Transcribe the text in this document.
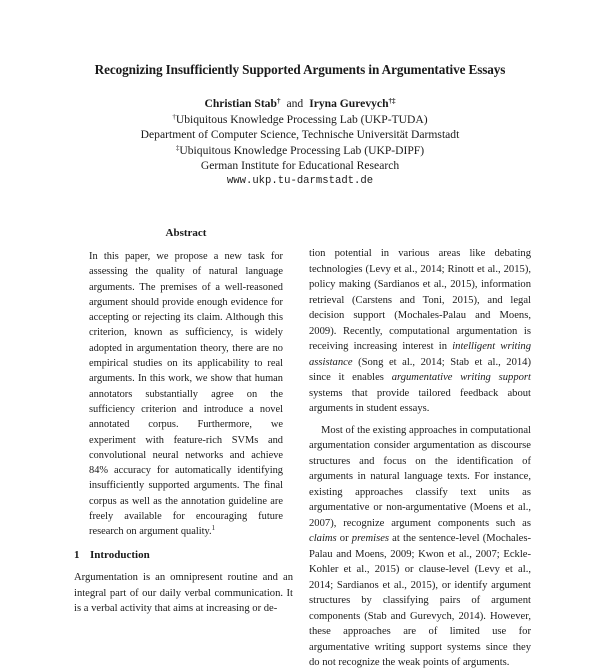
Recognizing Insufficiently Supported Arguments in Argumentative Essays
Christian Stab† and Iryna Gurevych†‡
†Ubiquitous Knowledge Processing Lab (UKP-TUDA)
Department of Computer Science, Technische Universität Darmstadt
‡Ubiquitous Knowledge Processing Lab (UKP-DIPF)
German Institute for Educational Research
www.ukp.tu-darmstadt.de
Abstract
In this paper, we propose a new task for assessing the quality of natural language arguments. The premises of a well-reasoned argument should provide enough evidence for accepting or rejecting its claim. Although this criterion, known as sufficiency, is widely adopted in argumentation theory, there are no empirical studies on its applicability to real arguments. In this work, we show that human annotators substantially agree on the sufficiency criterion and introduce a novel annotated corpus. Furthermore, we experiment with feature-rich SVMs and convolutional neural networks and achieve 84% accuracy for automatically identifying insufficiently supported arguments. The final corpus as well as the annotation guideline are freely available for encouraging future research on argument quality.$^1$
1 Introduction
Argumentation is an omnipresent routine and an integral part of our daily verbal communication. It is a verbal activity that aims at increasing or de-

tion potential in various areas like debating technologies (Levy et al., 2014; Rinott et al., 2015), policy making (Sardianos et al., 2015), information retrieval (Carstens and Toni, 2015), and legal decision support (Mochales-Palau and Moens, 2009). Recently, computational argumentation is receiving increasing interest in intelligent writing assistance (Song et al., 2014; Stab et al., 2014) since it enables argumentative writing support systems that provide tailored feedback about arguments in student essays.

Most of the existing approaches in computational argumentation consider argumentation as discourse structures and focus on the identification of arguments in natural language texts. For instance, existing approaches classify text units as argumentative or non-argumentative (Moens et al., 2007), recognize argument components such as claims or premises at the sentence-level (Mochales-Palau and Moens, 2009; Kwon et al., 2007; Eckle-Kohler et al., 2015) or clause-level (Levy et al., 2014; Sardianos et al., 2015), or identify argument structures by classifying pairs of argument components (Stab and Gurevych, 2014). However, these approaches are of limited use for argumentative writing support systems since they do not recognize the weak points of arguments.
